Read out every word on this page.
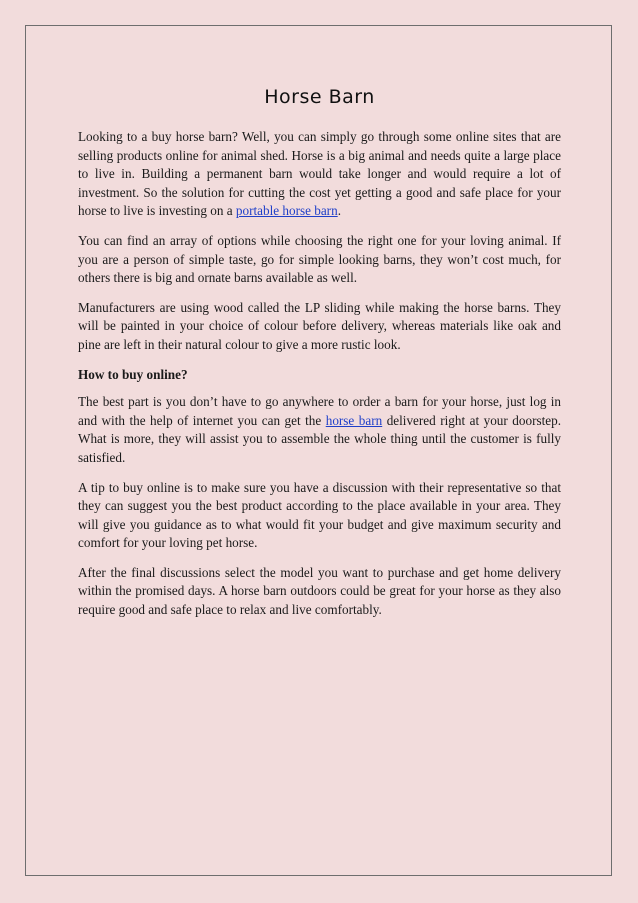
Horse Barn

Looking to a buy horse barn? Well, you can simply go through some online sites that are selling products online for animal shed. Horse is a big animal and needs quite a large place to live in. Building a permanent barn would take longer and would require a lot of investment. So the solution for cutting the cost yet getting a good and safe place for your horse to live is investing on a portable horse barn.

You can find an array of options while choosing the right one for your loving animal. If you are a person of simple taste, go for simple looking barns, they won’t cost much, for others there is big and ornate barns available as well.

Manufacturers are using wood called the LP sliding while making the horse barns. They will be painted in your choice of colour before delivery, whereas materials like oak and pine are left in their natural colour to give a more rustic look.

How to buy online?

The best part is you don’t have to go anywhere to order a barn for your horse, just log in and with the help of internet you can get the horse barn delivered right at your doorstep. What is more, they will assist you to assemble the whole thing until the customer is fully satisfied.

A tip to buy online is to make sure you have a discussion with their representative so that they can suggest you the best product according to the place available in your area. They will give you guidance as to what would fit your budget and give maximum security and comfort for your loving pet horse.

After the final discussions select the model you want to purchase and get home delivery within the promised days. A horse barn outdoors could be great for your horse as they also require good and safe place to relax and live comfortably.
